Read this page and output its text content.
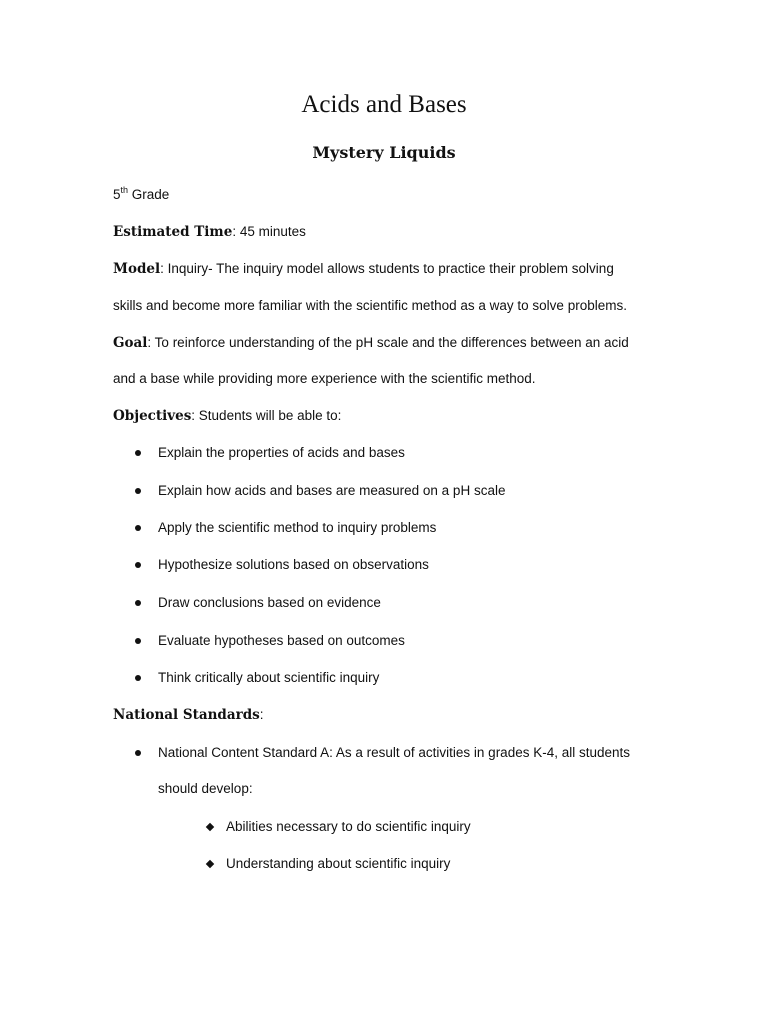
Acids and Bases
Mystery Liquids
5th Grade
Estimated Time: 45 minutes
Model: Inquiry- The inquiry model allows students to practice their problem solving
skills and become more familiar with the scientific method as a way to solve problems.
Goal: To reinforce understanding of the pH scale and the differences between an acid
and a base while providing more experience with the scientific method.
Objectives: Students will be able to:
Explain the properties of acids and bases
Explain how acids and bases are measured on a pH scale
Apply the scientific method to inquiry problems
Hypothesize solutions based on observations
Draw conclusions based on evidence
Evaluate hypotheses based on outcomes
Think critically about scientific inquiry
National Standards:
National Content Standard A: As a result of activities in grades K-4, all students
should develop:
Abilities necessary to do scientific inquiry
Understanding about scientific inquiry
